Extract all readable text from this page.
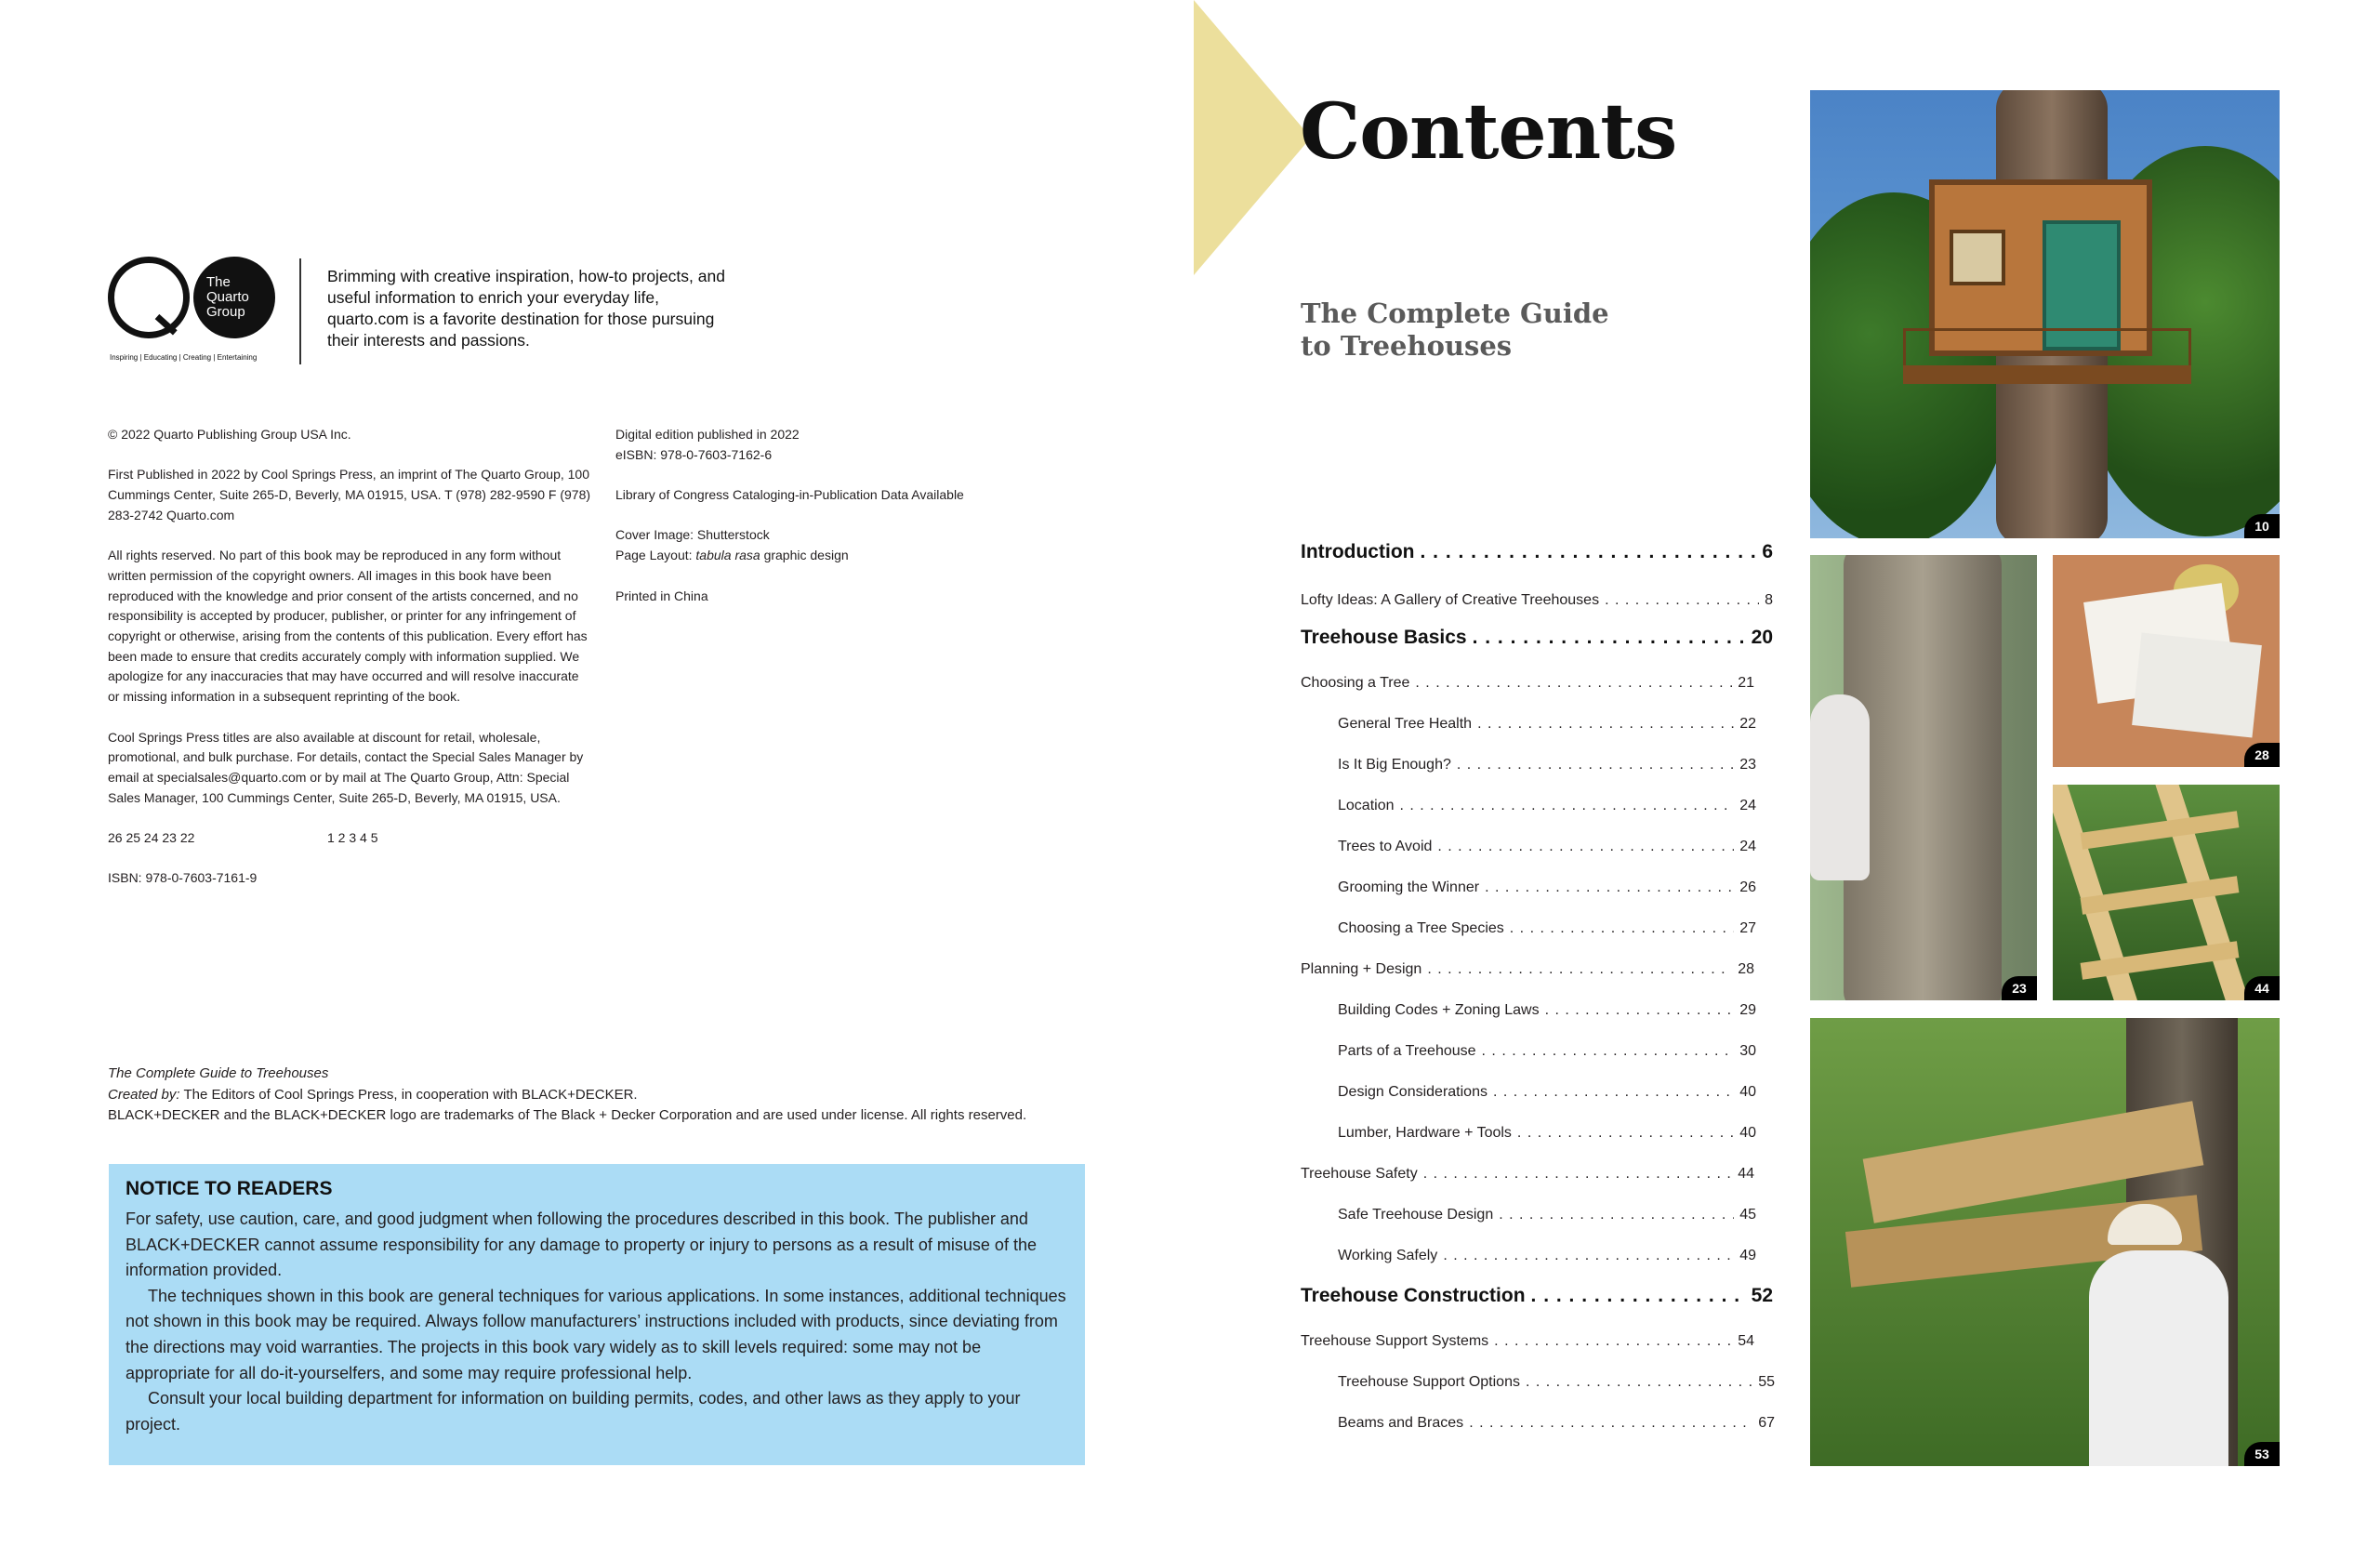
The
Quarto
Group
Inspiring | Educating | Creating | Entertaining
Brimming with creative inspiration, how-to projects, and useful information to enrich your everyday life, quarto.com is a favorite destination for those pursuing their interests and passions.

© 2022 Quarto Publishing Group USA Inc.

First Published in 2022 by Cool Springs Press, an imprint of The Quarto Group, 100 Cummings Center, Suite 265-D, Beverly, MA 01915, USA. T (978) 282-9590 F (978) 283-2742 Quarto.com

All rights reserved. No part of this book may be reproduced in any form without written permission of the copyright owners. All images in this book have been reproduced with the knowledge and prior consent of the artists concerned, and no responsibility is accepted by producer, publisher, or printer for any infringement of copyright or otherwise, arising from the contents of this publication. Every effort has been made to ensure that credits accurately comply with information supplied. We apologize for any inaccuracies that may have occurred and will resolve inaccurate or missing information in a subsequent reprinting of the book.

Cool Springs Press titles are also available at discount for retail, wholesale, promotional, and bulk purchase. For details, contact the Special Sales Manager by email at specialsales@quarto.com or by mail at The Quarto Group, Attn: Special Sales Manager, 100 Cummings Center, Suite 265-D, Beverly, MA 01915, USA.

26 25 24 23 22	1 2 3 4 5

ISBN: 978-0-7603-7161-9

Digital edition published in 2022
eISBN: 978-0-7603-7162-6

Library of Congress Cataloging-in-Publication Data Available

Cover Image: Shutterstock
Page Layout: tabula rasa graphic design

Printed in China

The Complete Guide to Treehouses
Created by: The Editors of Cool Springs Press, in cooperation with BLACK+DECKER.
BLACK+DECKER and the BLACK+DECKER logo are trademarks of The Black + Decker Corporation and are used under license. All rights reserved.
NOTICE TO READERS

For safety, use caution, care, and good judgment when following the procedures described in this book. The publisher and BLACK+DECKER cannot assume responsibility for any damage to property or injury to persons as a result of misuse of the information provided.

The techniques shown in this book are general techniques for various applications. In some instances, additional techniques not shown in this book may be required. Always follow manufacturers’ instructions included with products, since deviating from the directions may void warranties. The projects in this book vary widely as to skill levels required: some may not be appropriate for all do-it-yourselfers, and some may require professional help.

Consult your local building department for information on building permits, codes, and other laws as they apply to your project.

Contents
The Complete Guide
to Treehouses
Introduction . . .	6
Lofty Ideas: A Gallery of Creative Treehouses . . .	8
Treehouse Basics . . .	20
Choosing a Tree . . .	21
General Tree Health . . .	22
Is It Big Enough? . . .	23
Location . . .	24
Trees to Avoid . . .	24
Grooming the Winner . . .	26
Choosing a Tree Species . . .	27
Planning + Design . . .	28
Building Codes + Zoning Laws . . .	29
Parts of a Treehouse . . .	30
Design Considerations . . .	40
Lumber, Hardware + Tools . . .	40
Treehouse Safety . . .	44
Safe Treehouse Design . . .	45
Working Safely . . .	49
Treehouse Construction . . .	52
Treehouse Support Systems . . .	54
Treehouse Support Options . . .	55
Beams and Braces . . .	67
10
23
28
44
53
